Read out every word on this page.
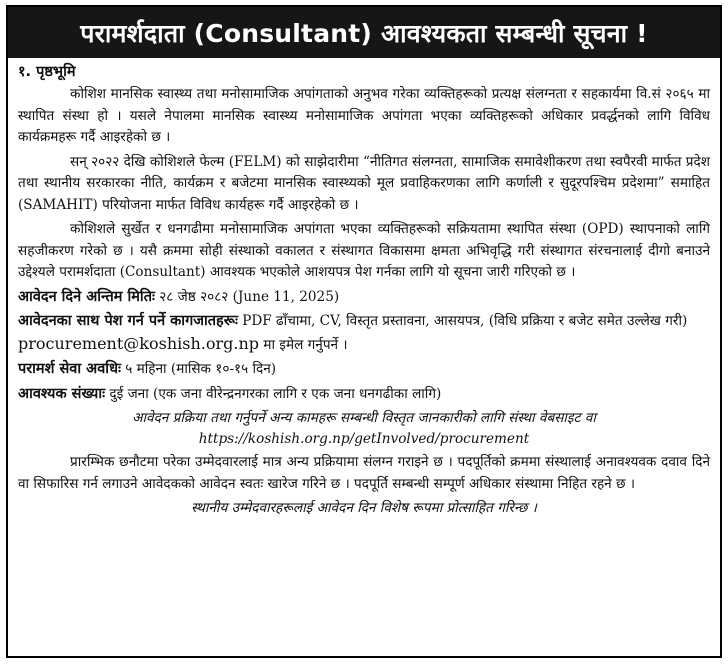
परामर्शदाता (Consultant) आवश्यकता सम्बन्धी सूचना !
१. पृष्ठभूमि

कोशिश मानसिक स्वास्थ्य तथा मनोसामाजिक अपांगताको अनुभव गरेका व्यक्तिहरूको प्रत्यक्ष संलग्नता र सहकार्यमा वि.सं २०६५ मा स्थापित संस्था हो । यसले नेपालमा मानसिक स्वास्थ्य मनोसामाजिक अपांगता भएका व्यक्तिहरूको अधिकार प्रवर्द्धनको लागि विविध कार्यक्रमहरू गर्दै आइरहेको छ ।

सन् २०२२ देखि कोशिशले फेल्म (FELM) को साझेदारीमा “नीतिगत संलग्नता, सामाजिक समावेशीकरण तथा स्वपैरवी मार्फत प्रदेश तथा स्थानीय सरकारका नीति, कार्यक्रम र बजेटमा मानसिक स्वास्थ्यको मूल प्रवाहिकरणका लागि कर्णाली र सुदूरपश्चिम प्रदेशमा” समाहित (SAMAHIT) परियोजना मार्फत विविध कार्यहरू गर्दै आइरहेको छ ।

कोशिशले सुर्खेत र धनगढीमा मनोसामाजिक अपांगता भएका व्यक्तिहरूको सक्रियतामा स्थापित संस्था (OPD) स्थापनाको लागि सहजीकरण गरेको छ । यसै क्रममा सोही संस्थाको वकालत र संस्थागत विकासमा क्षमता अभिवृद्धि गरी संस्थागत संरचनालाई दीगो बनाउने उद्देश्यले परामर्शदाता (Consultant) आवश्यक भएकोले आशयपत्र पेश गर्नका लागि यो सूचना जारी गरिएको छ ।

आवेदन दिने अन्तिम मितिः २८ जेष्ठ २०८२ (June 11, 2025)
आवेदनका साथ पेश गर्न पर्ने कागजातहरूः PDF ढाँचामा, CV, विस्तृत प्रस्तावना, आसयपत्र, (विधि प्रक्रिया र बजेट समेत उल्लेख गरी) procurement@koshish.org.np मा इमेल गर्नुपर्ने ।
परामर्श सेवा अवधिः ५ महिना (मासिक १०-१५ दिन)
आवश्यक संख्याः दुई जना (एक जना वीरेन्द्रनगरका लागि र एक जना धनगढीका लागि)
आवेदन प्रक्रिया तथा गर्नुपर्ने अन्य कामहरू सम्बन्धी विस्तृत जानकारीको लागि संस्था वेबसाइट वा
https://koshish.org.np/getInvolved/procurement

प्रारम्भिक छनौटमा परेका उम्मेदवारलाई मात्र अन्य प्रक्रियामा संलग्न गराइने छ । पदपूर्तिको क्रममा संस्थालाई अनावश्यवक दवाव दिने वा सिफारिस गर्न लगाउने आवेदकको आवेदन स्वतः खारेज गरिने छ । पदपूर्ति सम्बन्धी सम्पूर्ण अधिकार संस्थामा निहित रहने छ ।

स्थानीय उम्मेदवारहरूलाई आवेदन दिन विशेष रूपमा प्रोत्साहित गरिन्छ ।
